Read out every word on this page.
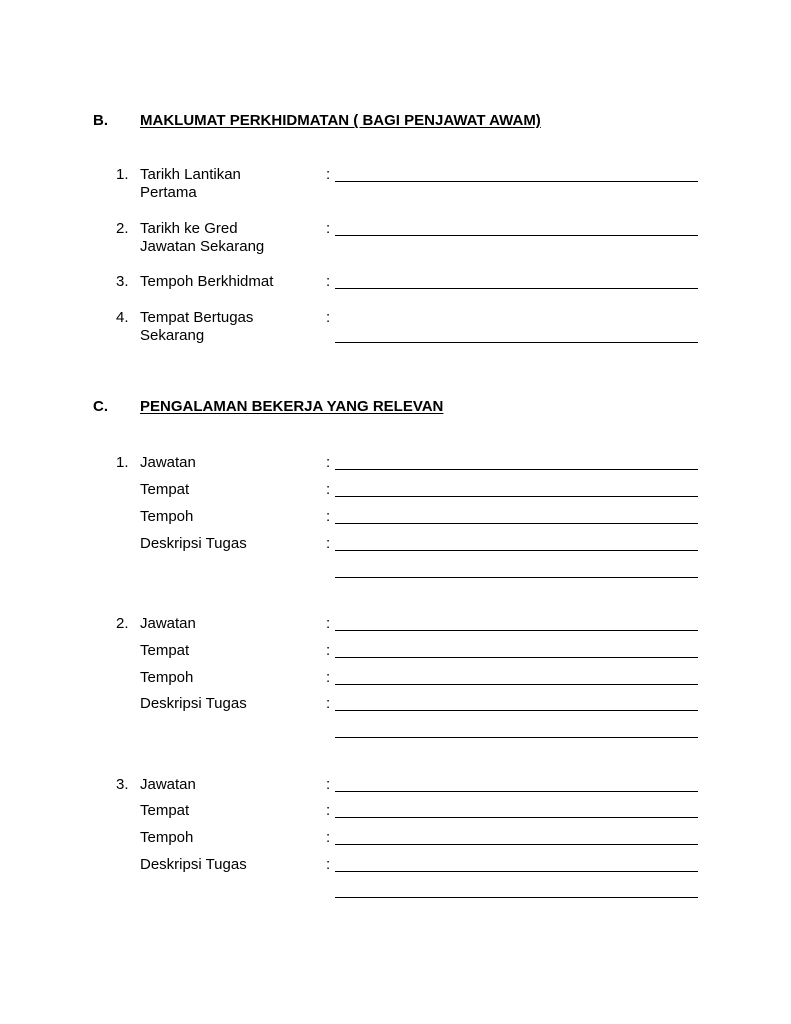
B. MAKLUMAT PERKHIDMATAN ( BAGI PENJAWAT AWAM)
1. Tarikh Lantikan
Pertama
:
2. Tarikh ke Gred
Jawatan Sekarang
:
3. Tempoh Berkhidmat	:
4. Tempat Bertugas
Sekarang
:
C. PENGALAMAN BEKERJA YANG RELEVAN
1. Jawatan	:
Tempat	:
Tempoh	:
Deskripsi Tugas	:
2. Jawatan	:
Tempat	:
Tempoh	:
Deskripsi Tugas	:
3. Jawatan	:
Tempat	:
Tempoh	:
Deskripsi Tugas	:
